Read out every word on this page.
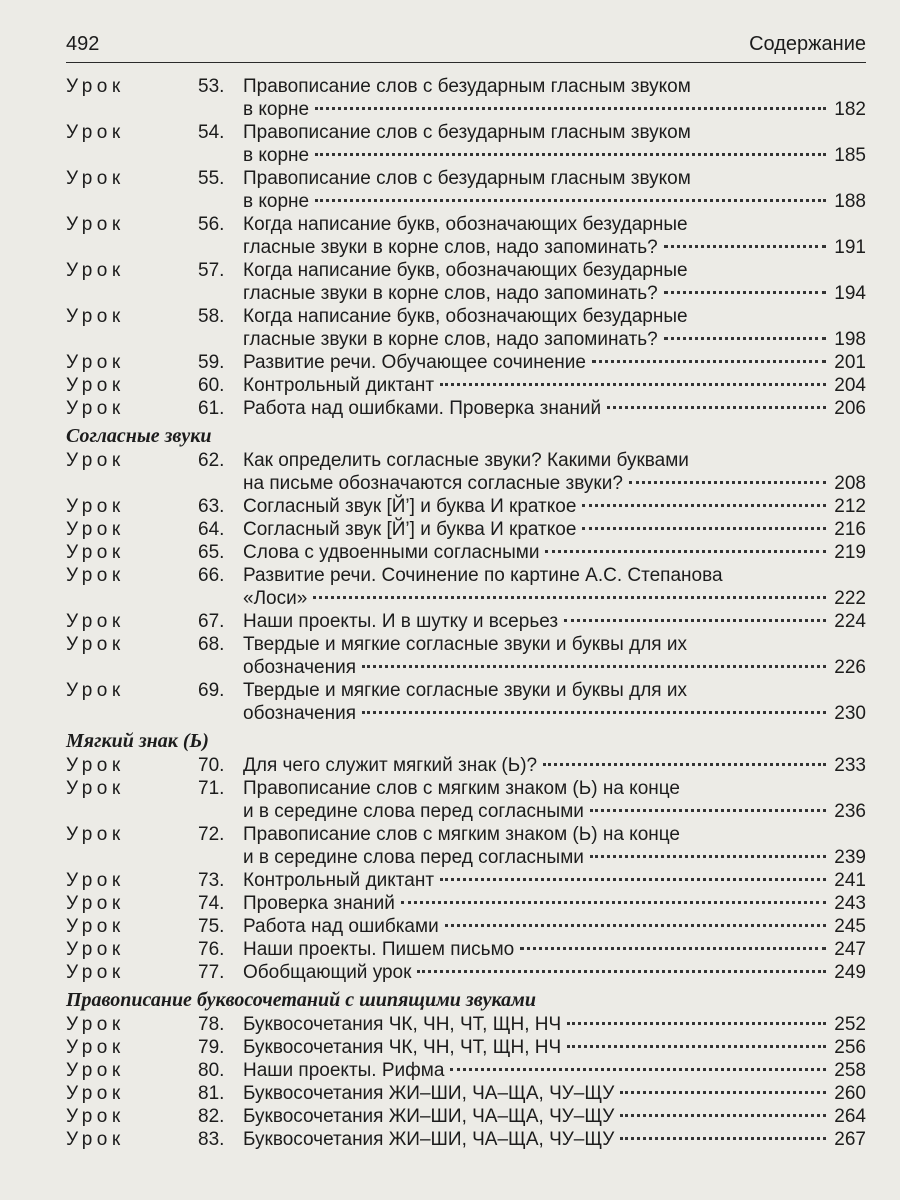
492	Содержание
Урок	53. Правописание слов с безударным гласным звуком
в корне	182
Урок	54. Правописание слов с безударным гласным звуком
в корне	185
Урок	55. Правописание слов с безударным гласным звуком
в корне	188
Урок	56. Когда написание букв, обозначающих безударные
гласные звуки в корне слов, надо запоминать?	191
Урок	57. Когда написание букв, обозначающих безударные
гласные звуки в корне слов, надо запоминать?	194
Урок	58. Когда написание букв, обозначающих безударные
гласные звуки в корне слов, надо запоминать?	198
Урок	59. Развитие речи. Обучающее сочинение	201
Урок	60. Контрольный диктант	204
Урок	61. Работа над ошибками. Проверка знаний	206
Согласные звуки
Урок	62. Как определить согласные звуки? Какими буквами
на письме обозначаются согласные звуки?	208
Урок	63. Согласный звук [Й’] и буква И краткое	212
Урок	64. Согласный звук [Й’] и буква И краткое	216
Урок	65. Слова с удвоенными согласными	219
Урок	66. Развитие речи. Сочинение по картине А.С. Степанова
«Лоси»	222
Урок	67. Наши проекты. И в шутку и всерьез	224
Урок	68. Твердые и мягкие согласные звуки и буквы для их
обозначения	226
Урок	69. Твердые и мягкие согласные звуки и буквы для их
обозначения	230
Мягкий знак (Ь)
Урок	70. Для чего служит мягкий знак (Ь)?	233
Урок	71. Правописание слов с мягким знаком (Ь) на конце
и в середине слова перед согласными	236
Урок	72. Правописание слов с мягким знаком (Ь) на конце
и в середине слова перед согласными	239
Урок	73. Контрольный диктант	241
Урок	74. Проверка знаний	243
Урок	75. Работа над ошибками	245
Урок	76. Наши проекты. Пишем письмо	247
Урок	77. Обобщающий урок	249
Правописание буквосочетаний с шипящими звуками
Урок	78. Буквосочетания ЧК, ЧН, ЧТ, ЩН, НЧ	252
Урок	79. Буквосочетания ЧК, ЧН, ЧТ, ЩН, НЧ	256
Урок	80. Наши проекты. Рифма	258
Урок	81. Буквосочетания ЖИ–ШИ, ЧА–ЩА, ЧУ–ЩУ	260
Урок	82. Буквосочетания ЖИ–ШИ, ЧА–ЩА, ЧУ–ЩУ	264
Урок	83. Буквосочетания ЖИ–ШИ, ЧА–ЩА, ЧУ–ЩУ	267
